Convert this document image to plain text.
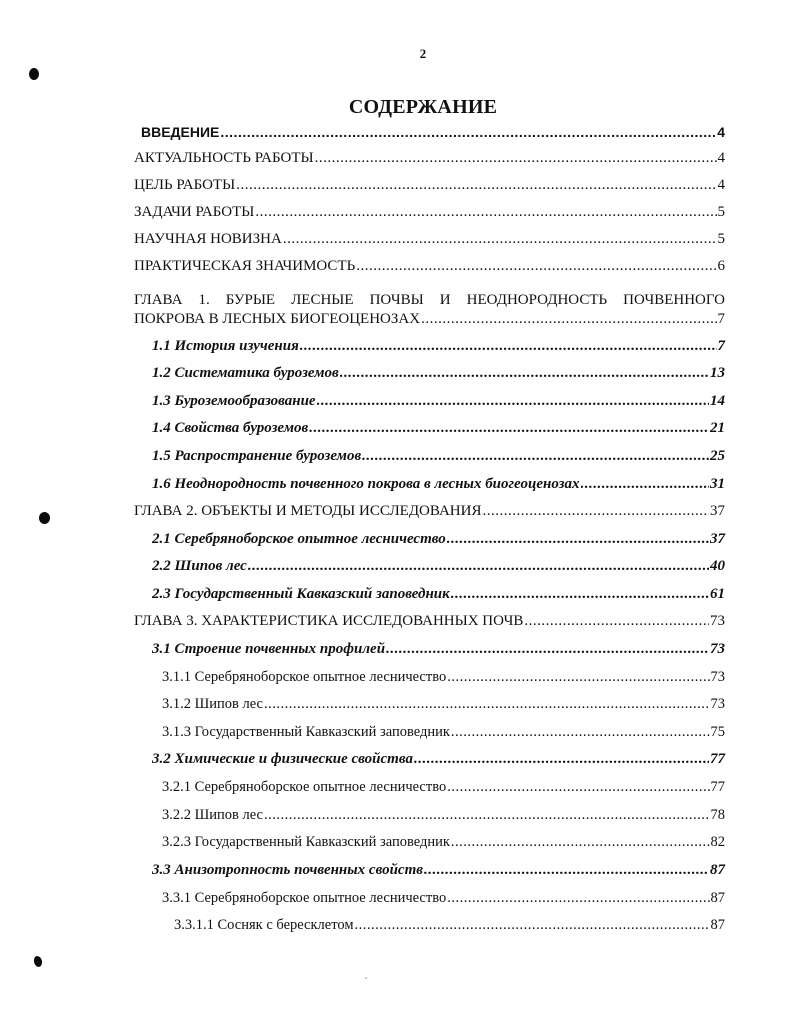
2
СОДЕРЖАНИЕ
ВВЕДЕНИЕ .....	4
АКТУАЛЬНОСТЬ РАБОТЫ .....	4
ЦЕЛЬ РАБОТЫ .....	4
ЗАДАЧИ РАБОТЫ .....	5
НАУЧНАЯ НОВИЗНА .....	5
ПРАКТИЧЕСКАЯ ЗНАЧИМОСТЬ .....	6
ГЛАВА 1. БУРЫЕ ЛЕСНЫЕ ПОЧВЫ И НЕОДНОРОДНОСТЬ ПОЧВЕННОГО
ПОКРОВА В ЛЕСНЫХ БИОГЕОЦЕНОЗАХ .....	7
1.1 История изучения .....	7
1.2 Систематика буроземов .....	13
1.3 Буроземообразование .....	14
1.4 Свойства буроземов .....	21
1.5 Распространение буроземов .....	25
1.6 Неоднородность почвенного покрова в лесных биогеоценозах .....	31
ГЛАВА 2. ОБЪЕКТЫ И МЕТОДЫ ИССЛЕДОВАНИЯ .....	37
2.1 Серебряноборское опытное лесничество .....	37
2.2 Шипов лес .....	40
2.3 Государственный Кавказский заповедник .....	61
ГЛАВА 3. ХАРАКТЕРИСТИКА ИССЛЕДОВАННЫХ ПОЧВ .....	73
3.1 Строение почвенных профилей .....	73
3.1.1 Серебряноборское опытное лесничество .....	73
3.1.2 Шипов лес .....	73
3.1.3 Государственный Кавказский заповедник .....	75
3.2 Химические и физические свойства .....	77
3.2.1 Серебряноборское опытное лесничество .....	77
3.2.2 Шипов лес .....	78
3.2.3 Государственный Кавказский заповедник .....	82
3.3 Анизотропность почвенных свойств .....	87
3.3.1 Серебряноборское опытное лесничество .....	87
3.3.1.1 Сосняк с бересклетом .....	87
